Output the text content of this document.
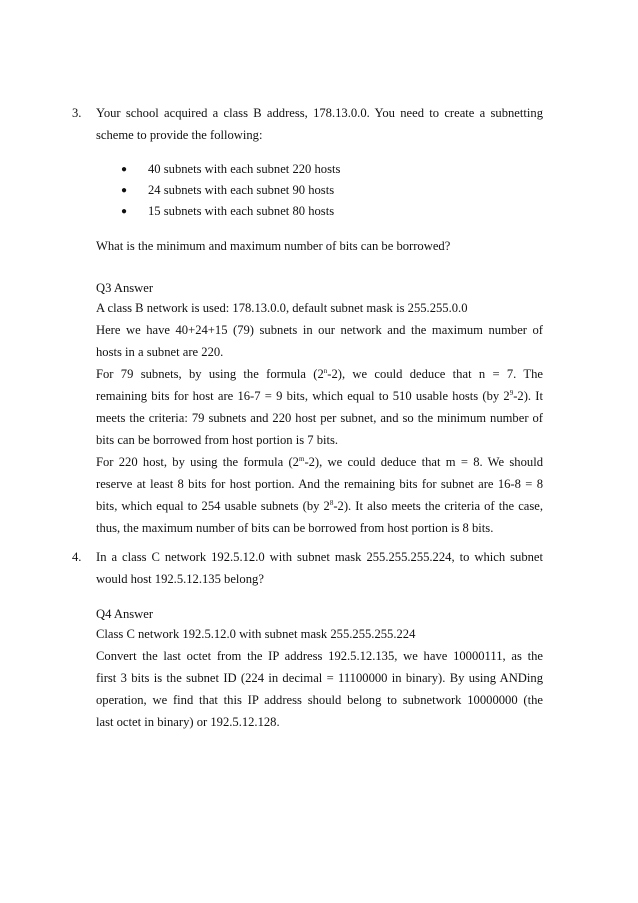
3. Your school acquired a class B address, 178.13.0.0. You need to create a subnetting scheme to provide the following:
● 40 subnets with each subnet 220 hosts
● 24 subnets with each subnet 90 hosts
● 15 subnets with each subnet 80 hosts

What is the minimum and maximum number of bits can be borrowed?

Q3 Answer

A class B network is used: 178.13.0.0, default subnet mask is 255.255.0.0
Here we have 40+24+15 (79) subnets in our network and the maximum number of
hosts in a subnet are 220.
For 79 subnets, by using the formula (2$^n$-2), we could deduce that n = 7. The
remaining bits for host are 16-7 = 9 bits, which equal to 510 usable hosts (by $2^9-2$). It
meets the criteria: 79 subnets and 220 host per subnet, and so the minimum number of
bits can be borrowed from host portion is 7 bits.
For 220 host, by using the formula (2$^m$-2), we could deduce that m = 8. We should
reserve at least 8 bits for host portion. And the remaining bits for subnet are 16-8 = 8
bits, which equal to 254 usable subnets (by $2^8-2$). It also meets the criteria of the case,
thus, the maximum number of bits can be borrowed from host portion is 8 bits.
4. In a class C network 192.5.12.0 with subnet mask 255.255.255.224, to which subnet would host 192.5.12.135 belong?

Q4 Answer

Class C network 192.5.12.0 with subnet mask 255.255.255.224
Convert the last octet from the IP address 192.5.12.135, we have 10000111, as the
first 3 bits is the subnet ID (224 in decimal = 11100000 in binary). By using ANDing
operation, we find that this IP address should belong to subnetwork 10000000 (the
last octet in binary) or 192.5.12.128.
